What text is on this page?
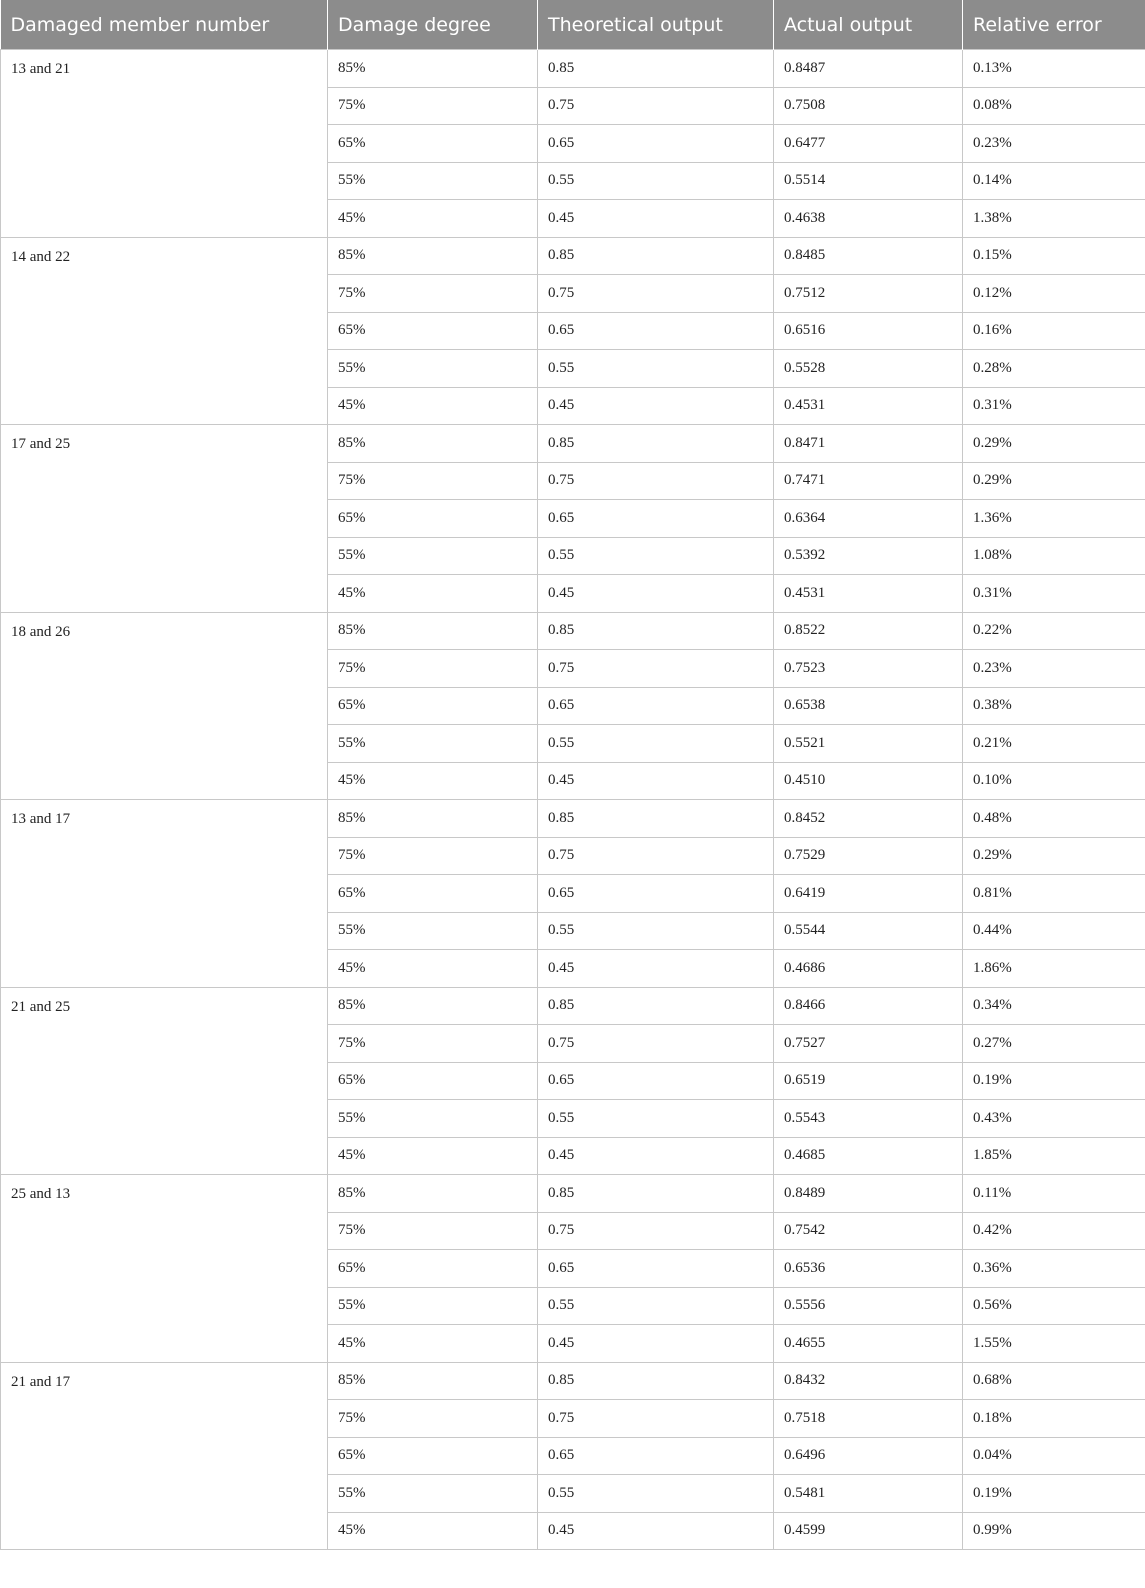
Damaged member number	Damage degree	Theoretical output	Actual output	Relative error
13 and 21	85%	0.85	0.8487	0.13%
	75%	0.75	0.7508	0.08%
	65%	0.65	0.6477	0.23%
	55%	0.55	0.5514	0.14%
	45%	0.45	0.4638	1.38%
14 and 22	85%	0.85	0.8485	0.15%
	75%	0.75	0.7512	0.12%
	65%	0.65	0.6516	0.16%
	55%	0.55	0.5528	0.28%
	45%	0.45	0.4531	0.31%
17 and 25	85%	0.85	0.8471	0.29%
	75%	0.75	0.7471	0.29%
	65%	0.65	0.6364	1.36%
	55%	0.55	0.5392	1.08%
	45%	0.45	0.4531	0.31%
18 and 26	85%	0.85	0.8522	0.22%
	75%	0.75	0.7523	0.23%
	65%	0.65	0.6538	0.38%
	55%	0.55	0.5521	0.21%
	45%	0.45	0.4510	0.10%
13 and 17	85%	0.85	0.8452	0.48%
	75%	0.75	0.7529	0.29%
	65%	0.65	0.6419	0.81%
	55%	0.55	0.5544	0.44%
	45%	0.45	0.4686	1.86%
21 and 25	85%	0.85	0.8466	0.34%
	75%	0.75	0.7527	0.27%
	65%	0.65	0.6519	0.19%
	55%	0.55	0.5543	0.43%
	45%	0.45	0.4685	1.85%
25 and 13	85%	0.85	0.8489	0.11%
	75%	0.75	0.7542	0.42%
	65%	0.65	0.6536	0.36%
	55%	0.55	0.5556	0.56%
	45%	0.45	0.4655	1.55%
21 and 17	85%	0.85	0.8432	0.68%
	75%	0.75	0.7518	0.18%
	65%	0.65	0.6496	0.04%
	55%	0.55	0.5481	0.19%
	45%	0.45	0.4599	0.99%
